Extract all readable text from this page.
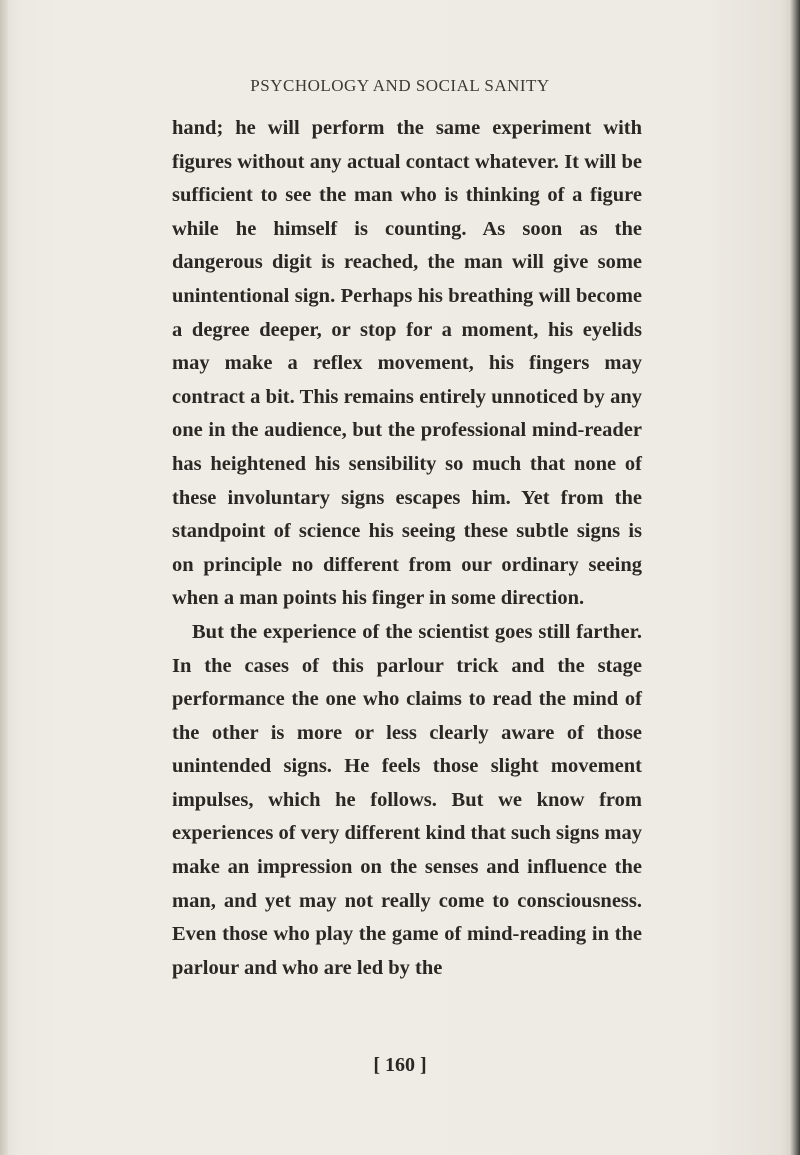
PSYCHOLOGY AND SOCIAL SANITY

hand; he will perform the same experiment with figures without any actual contact whatever. It will be sufficient to see the man who is thinking of a figure while he himself is counting. As soon as the dangerous digit is reached, the man will give some unintentional sign. Perhaps his breathing will become a degree deeper, or stop for a moment, his eyelids may make a reflex movement, his fingers may contract a bit. This remains entirely unnoticed by any one in the audience, but the professional mind-reader has heightened his sensibility so much that none of these involuntary signs escapes him. Yet from the standpoint of science his seeing these subtle signs is on principle no different from our ordinary seeing when a man points his finger in some direction.

But the experience of the scientist goes still farther. In the cases of this parlour trick and the stage performance the one who claims to read the mind of the other is more or less clearly aware of those unintended signs. He feels those slight movement impulses, which he follows. But we know from experiences of very different kind that such signs may make an impression on the senses and influence the man, and yet may not really come to consciousness. Even those who play the game of mind-reading in the parlour and who are led by the

[ 160 ]
